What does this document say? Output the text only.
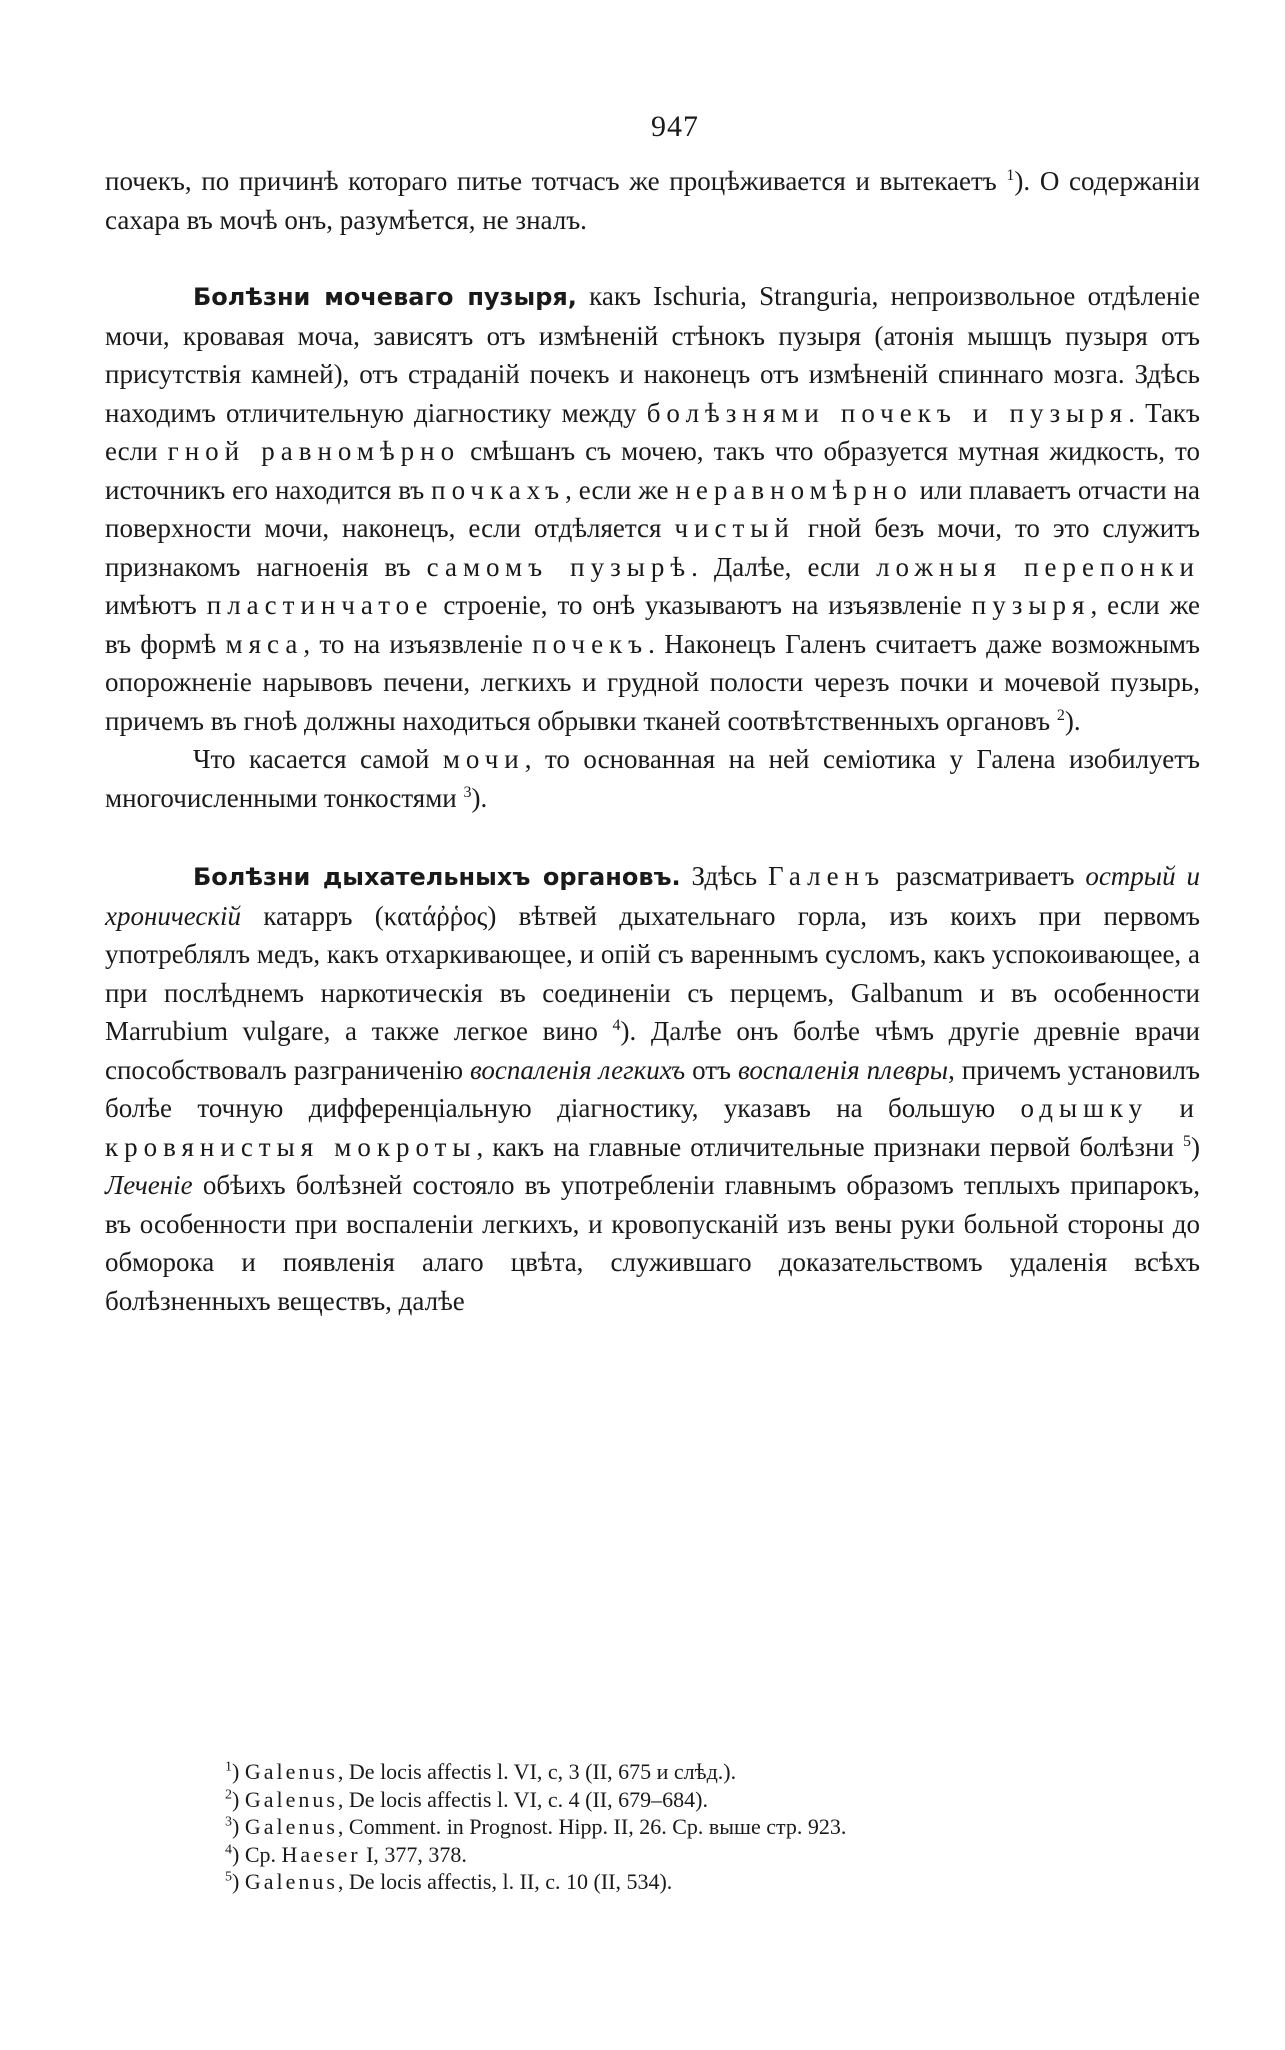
947

почекъ, по причинѣ котораго питье тотчасъ же процѣживается и вытекаетъ $^1$). О содержаніи сахара въ мочѣ онъ, разумѣется, не зналъ.

Болѣзни мочеваго пузыря, какъ Ischuria, Stranguria, непроизвольное отдѣленіе мочи, кровавая моча, зависятъ отъ измѣненій стѣнокъ пузыря (атонія мышцъ пузыря отъ присутствія камней), отъ страданій почекъ и наконецъ отъ измѣненій спиннаго мозга. Здѣсь находимъ отличительную діагностику между болѣзнями почекъ и пузыря. Такъ если гной равномѣрно смѣшанъ съ мочею, такъ что образуется мутная жидкость, то источникъ его находится въ почкахъ, если же неравномѣрно или плаваетъ отчасти на поверхности мочи, наконецъ, если отдѣляется чистый гной безъ мочи, то это служитъ признакомъ нагноенія въ самомъ пузырѣ. Далѣе, если ложныя перепонки имѣютъ пластинчатое строеніе, то онѣ указываютъ на изъязвленіе пузыря, если же въ формѣ мяса, то на изъязвленіе почекъ. Наконецъ Галенъ считаетъ даже возможнымъ опорожненіе нарывовъ печени, легкихъ и грудной полости черезъ почки и мочевой пузырь, причемъ въ гноѣ должны находиться обрывки тканей соотвѣтственныхъ органовъ $^2$).

Что касается самой мочи, то основанная на ней семіотика у Галена изобилуетъ многочисленными тонкостями $^3$).

Болѣзни дыхательныхъ органовъ. Здѣсь Галенъ разсматриваетъ острый и хроническій катарръ (κατάῤῥος) вѣтвей дыхательнаго горла, изъ коихъ при первомъ употреблялъ медъ, какъ отхаркивающее, и опій съ вареннымъ сусломъ, какъ успокоивающее, а при послѣднемъ наркотическія въ соединеніи съ перцемъ, Galbanum и въ особенности Marrubium vulgare, а также легкое вино $^4$). Далѣе онъ болѣе чѣмъ другіе древніе врачи способствовалъ разграниченію воспаленія легкихъ отъ воспаленія плевры, причемъ установилъ болѣе точную дифференціальную діагностику, указавъ на большую одышку и кровянистыя мокроты, какъ на главные отличительные признаки первой болѣзни $^5$) Леченіе обѣихъ болѣзней состояло въ употребленіи главнымъ образомъ теплыхъ припарокъ, въ особенности при воспаленіи легкихъ, и кровопусканій изъ вены руки больной стороны до обморока и появленія алаго цвѣта, служившаго доказательствомъ удаленія всѣхъ болѣзненныхъ веществъ, далѣе

$^1$) Galenus, De locis affectis l. VI, c, 3 (II, 675 и слѣд.).
$^2$) Galenus, De locis affectis l. VI, c. 4 (II, 679–684).
$^3$) Galenus, Comment. in Prognost. Hipp. II, 26. Ср. выше стр. 923.
$^4$) Ср. Haeser I, 377, 378.
$^5$) Galenus, De locis affectis, l. II, c. 10 (II, 534).
